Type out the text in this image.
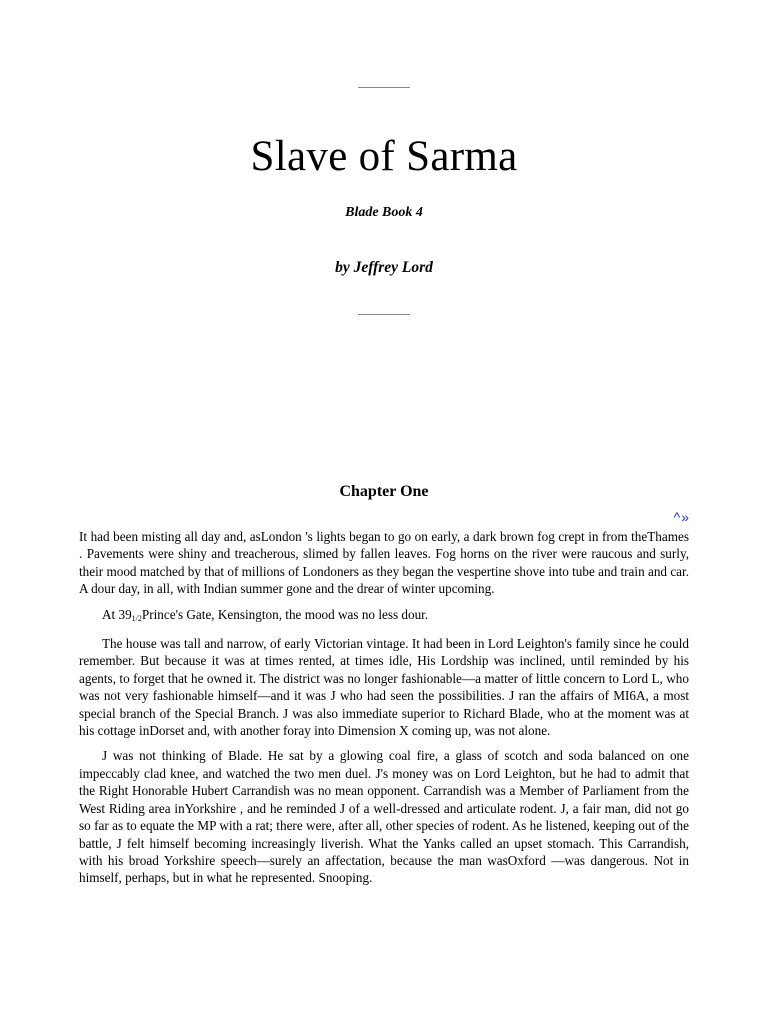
Slave of Sarma
Blade Book 4
by Jeffrey Lord
Chapter One
^»

It had been misting all day and, asLondon 's lights began to go on early, a dark brown fog crept in from theThames . Pavements were shiny and treacherous, slimed by fallen leaves. Fog horns on the river were raucous and surly, their mood matched by that of millions of Londoners as they began the vespertine shove into tube and train and car. A dour day, in all, with Indian summer gone and the drear of winter upcoming.

At 391/2Prince's Gate, Kensington, the mood was no less dour.

The house was tall and narrow, of early Victorian vintage. It had been in Lord Leighton's family since he could remember. But because it was at times rented, at times idle, His Lordship was inclined, until reminded by his agents, to forget that he owned it. The district was no longer fashionable—a matter of little concern to Lord L, who was not very fashionable himself—and it was J who had seen the possibilities. J ran the affairs of MI6A, a most special branch of the Special Branch. J was also immediate superior to Richard Blade, who at the moment was at his cottage inDorset and, with another foray into Dimension X coming up, was not alone.

J was not thinking of Blade. He sat by a glowing coal fire, a glass of scotch and soda balanced on one impeccably clad knee, and watched the two men duel. J's money was on Lord Leighton, but he had to admit that the Right Honorable Hubert Carrandish was no mean opponent. Carrandish was a Member of Parliament from the West Riding area inYorkshire , and he reminded J of a well-dressed and articulate rodent. J, a fair man, did not go so far as to equate the MP with a rat; there were, after all, other species of rodent. As he listened, keeping out of the battle, J felt himself becoming increasingly liverish. What the Yanks called an upset stomach. This Carrandish, with his broad Yorkshire speech—surely an affectation, because the man wasOxford —was dangerous. Not in himself, perhaps, but in what he represented. Snooping.
